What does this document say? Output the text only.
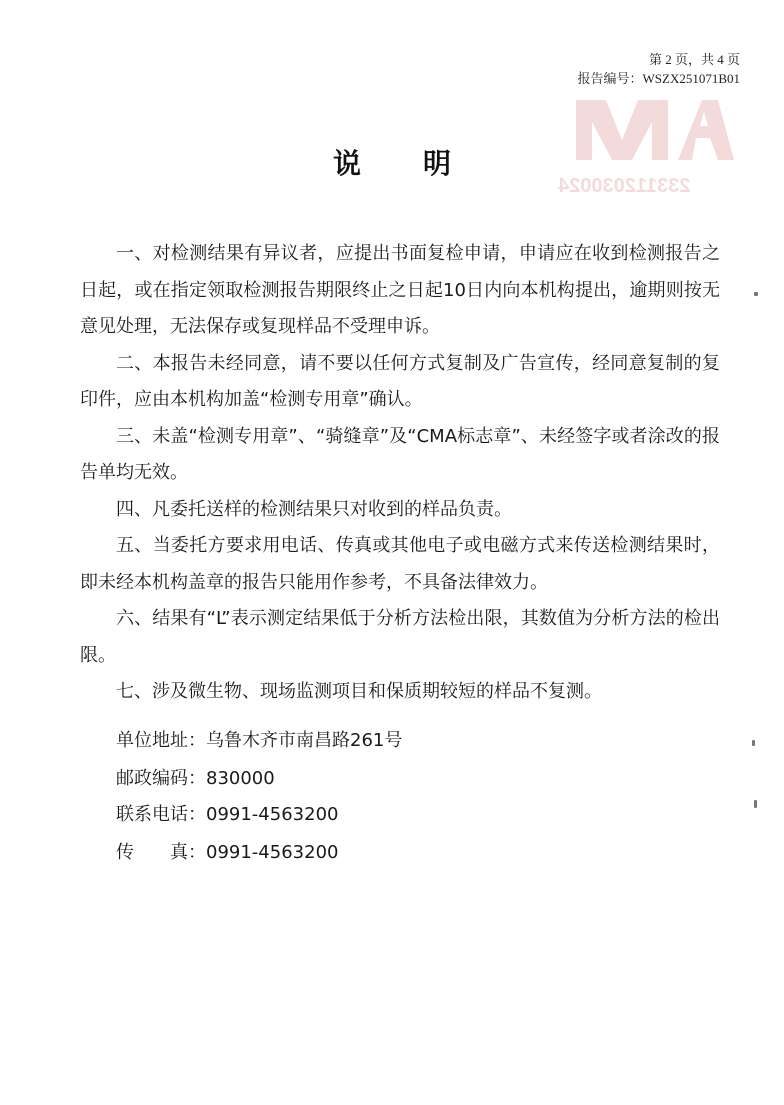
第 2 页，共 4 页
报告编号：WSZX251071B01
233112030024
说明

一、对检测结果有异议者，应提出书面复检申请，申请应在收到检测报告之日起，或在指定领取检测报告期限终止之日起10日内向本机构提出，逾期则按无意见处理，无法保存或复现样品不受理申诉。

二、本报告未经同意，请不要以任何方式复制及广告宣传，经同意复制的复印件，应由本机构加盖“检测专用章”确认。

三、未盖“检测专用章”、“骑缝章”及“CMA标志章”、未经签字或者涂改的报告单均无效。

四、凡委托送样的检测结果只对收到的样品负责。

五、当委托方要求用电话、传真或其他电子或电磁方式来传送检测结果时，即未经本机构盖章的报告只能用作参考，不具备法律效力。

六、结果有“L”表示测定结果低于分析方法检出限，其数值为分析方法的检出限。

七、涉及微生物、现场监测项目和保质期较短的样品不复测。

单位地址：乌鲁木齐市南昌路261号
邮政编码：830000
联系电话：0991-4563200
传 真：0991-4563200
